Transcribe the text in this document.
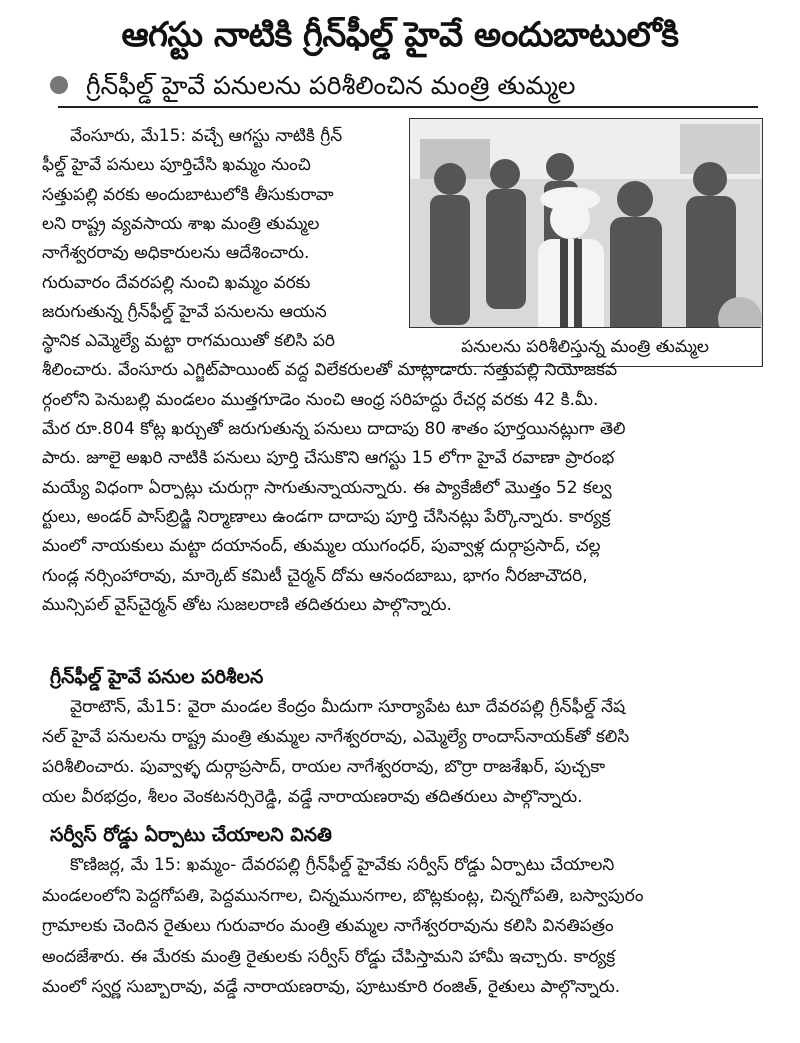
ఆగస్టు నాటికి గ్రీన్‌ఫీల్డ్ హైవే అందుబాటులోకి
గ్రీన్‌ఫీల్డ్ హైవే పనులను పరిశీలించిన మంత్రి తుమ్మల
పనులను పరిశీలిస్తున్న మంత్రి తుమ్మల
వేంసూరు, మే15: వచ్చే ఆగస్టు నాటికి గ్రీన్
ఫీల్డ్ హైవే పనులు పూర్తిచేసి ఖమ్మం నుంచి
సత్తుపల్లి వరకు అందుబాటులోకి తీసుకురావా
లని రాష్ట్ర వ్యవసాయ శాఖ మంత్రి తుమ్మల
నాగేశ్వరరావు అధికారులను ఆదేశించారు.
గురువారం దేవరపల్లి నుంచి ఖమ్మం వరకు
జరుగుతున్న గ్రీన్‌ఫీల్డ్ హైవే పనులను ఆయన
స్థానిక ఎమ్మెల్యే మట్టా రాగమయితో కలిసి పరి
శీలించారు. వేంసూరు ఎగ్జిట్‌పాయింట్ వద్ద విలేకరులతో మాట్లాడారు. సత్తుపల్లి నియోజకవ
ర్గంలోని పెనుబల్లి మండలం ముత్తగూడెం నుంచి ఆంధ్ర సరిహద్దు రేచర్ల వరకు 42 కి.మీ.
మేర రూ.804 కోట్ల ఖర్చుతో జరుగుతున్న పనులు దాదాపు 80 శాతం పూర్తయినట్లుగా తెలి
పారు. జూలై అఖరి నాటికి పనులు పూర్తి చేసుకొని ఆగస్టు 15 లోగా హైవే రవాణా ప్రారంభ
మయ్యే విధంగా ఏర్పాట్లు చురుగ్గా సాగుతున్నాయన్నారు. ఈ ప్యాకేజీలో మొత్తం 52 కల్వ
ర్టులు, అండర్ పాస్‌బ్రిడ్జి నిర్మాణాలు ఉండగా దాదాపు పూర్తి చేసినట్లు పేర్కొన్నారు. కార్యక్ర
మంలో నాయకులు మట్టా దయానంద్, తుమ్మల యుగంధర్, పువ్వాళ్ల దుర్గాప్రసాద్, చల్ల
గుండ్ల నర్సింహారావు, మార్కెట్ కమిటీ చైర్మన్ దోమ ఆనందబాబు, భాగం నీరజాచౌదరి,
మున్సిపల్ వైస్‌చైర్మన్ తోట సుజలరాణి తదితరులు పాల్గొన్నారు.
గ్రీన్‌ఫీల్డ్ హైవే పనుల పరిశీలన
వైరాటౌన్, మే15: వైరా మండల కేంద్రం మీదుగా సూర్యాపేట టూ దేవరపల్లి గ్రీన్‌ఫీల్డ్ నేష
నల్ హైవే పనులను రాష్ట్ర మంత్రి తుమ్మల నాగేశ్వరరావు, ఎమ్మెల్యే రాందాస్‌నాయక్‌తో కలిసి
పరిశీలించారు. పువ్వాళ్ళ దుర్గాప్రసాద్, రాయల నాగేశ్వరరావు, బొర్రా రాజశేఖర్, పుచ్చకా
యల వీరభద్రం, శీలం వెంకటనర్సిరెడ్డి, వడ్డే నారాయణరావు తదితరులు పాల్గొన్నారు.
సర్వీస్ రోడ్డు ఏర్పాటు చేయాలని వినతి
కొణిజర్ల, మే 15: ఖమ్మం- దేవరపల్లి గ్రీన్‌ఫీల్డ్ హైవేకు సర్వీస్ రోడ్డు ఏర్పాటు చేయాలని
మండలంలోని పెద్దగోపతి, పెద్దమునగాల, చిన్నమునగాల, బొట్లకుంట్ల, చిన్నగోపతి, బస్వాపురం
గ్రామాలకు చెందిన రైతులు గురువారం మంత్రి తుమ్మల నాగేశ్వరరావును కలిసి వినతిపత్రం
అందజేశారు. ఈ మేరకు మంత్రి రైతులకు సర్వీస్ రోడ్డు చేపిస్తామని హామీ ఇచ్చారు. కార్యక్ర
మంలో స్వర్ణ సుబ్బారావు, వడ్డే నారాయణరావు, పూటుకూరి రంజిత్, రైతులు పాల్గొన్నారు.
